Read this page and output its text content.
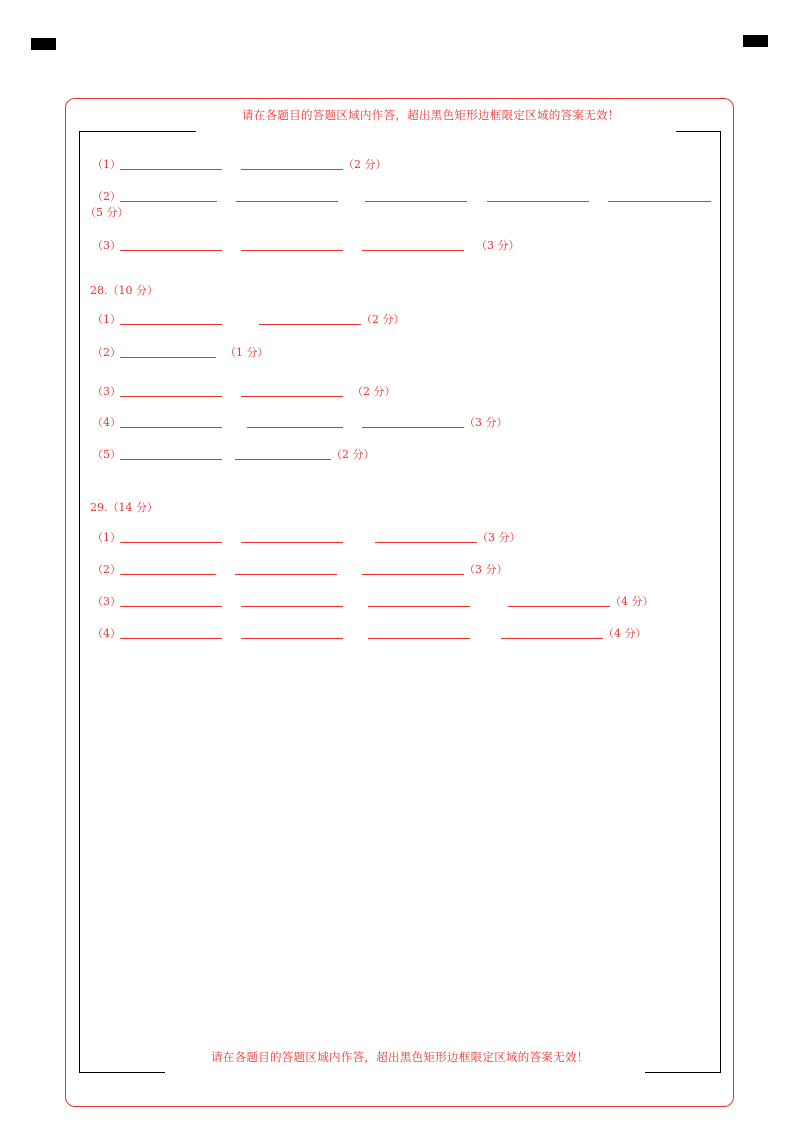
请在各题目的答题区域内作答，超出黑色矩形边框限定区域的答案无效！
请在各题目的答题区域内作答，超出黑色矩形边框限定区域的答案无效！
（1）	（2 分）
（2）
（5 分）
（3）	（3 分）
28.（10 分）
（1）	（2 分）
（2）	（1 分）
（3）	（2 分）
（4）	（3 分）
（5）	（2 分）
29.（14 分）
（1）	（3 分）
（2）	（3 分）
（3）	（4 分）
（4）	（4 分）
